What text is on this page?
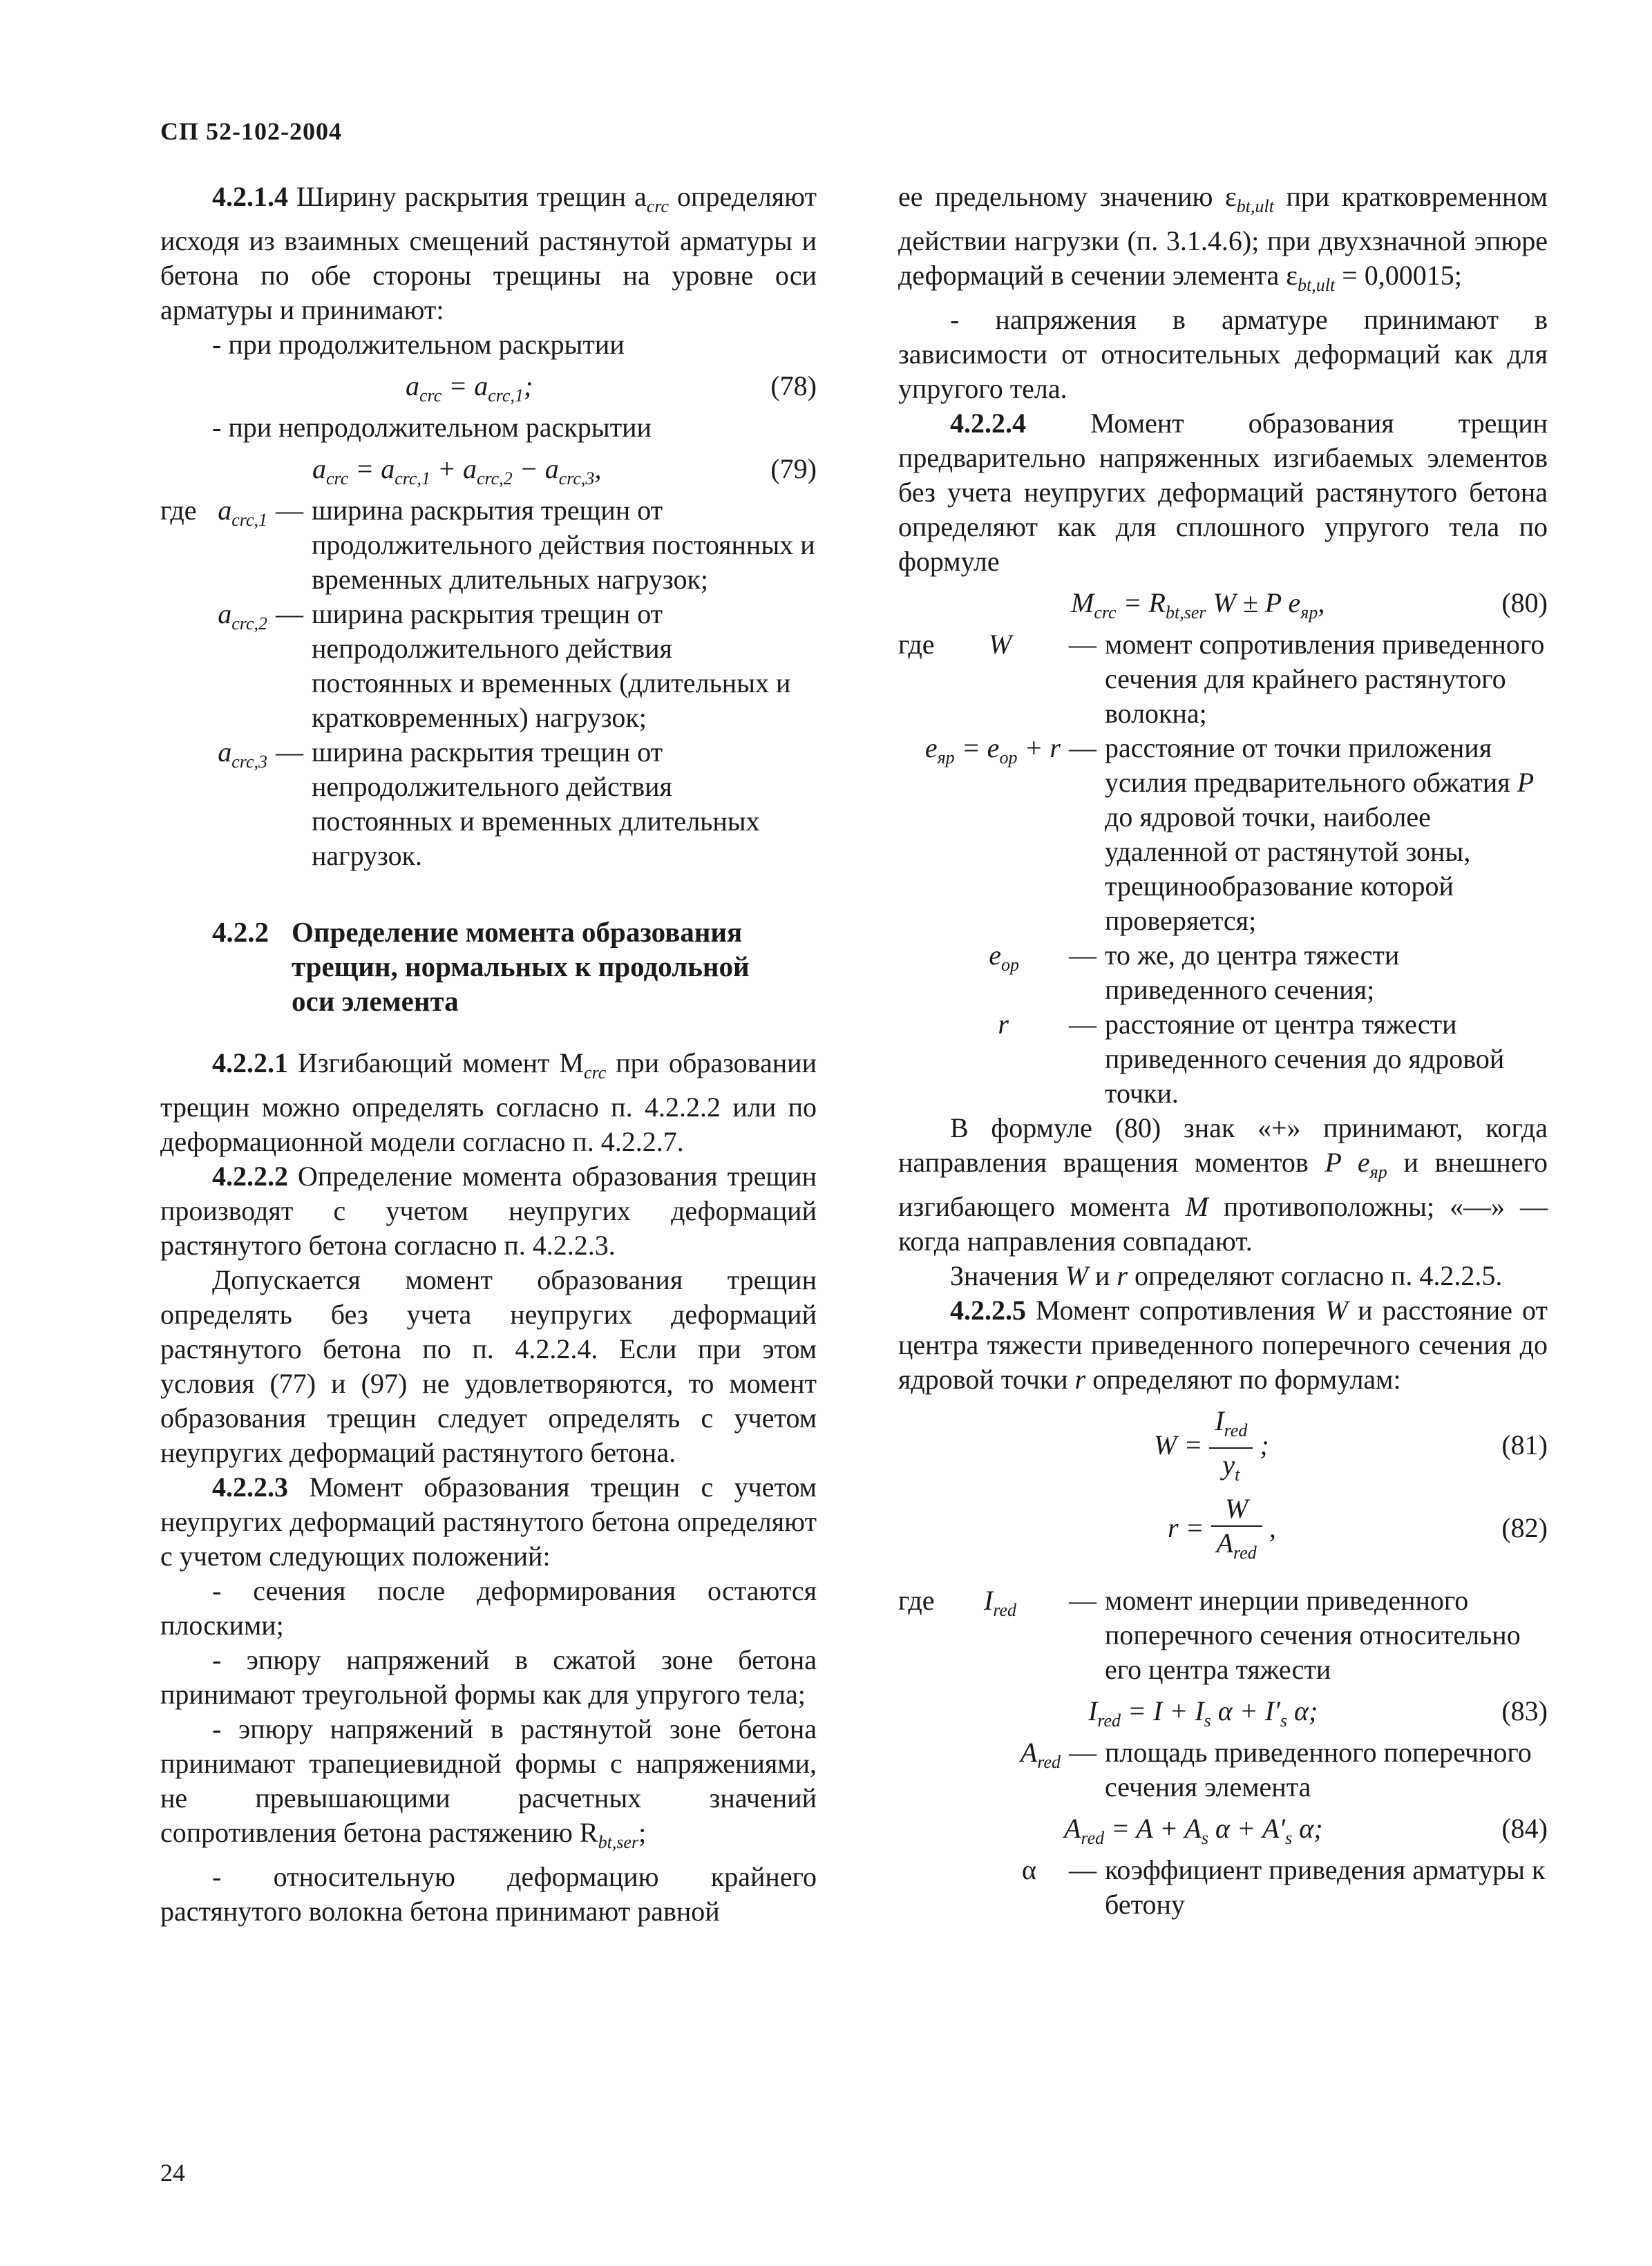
СП 52-102-2004

4.2.1.4 Ширину раскрытия трещин $a_{crc}$ определяют исходя из взаимных смещений растянутой арматуры и бетона по обе стороны трещины на уровне оси арматуры и принимают:

- при продолжительном раскрытии

$a_{crc} = a_{crc,1}$;	(78)

- при непродолжительном раскрытии

$a_{crc} = a_{crc,1} + a_{crc,2} - a_{crc,3}$,	(79)
где $a_{crc,1}$ — ширина раскрытия трещин от продолжительного действия постоянных и временных длительных нагрузок;
$a_{crc,2}$ — ширина раскрытия трещин от непродолжительного действия постоянных и временных (длительных и кратковременных) нагрузок;
$a_{crc,3}$ — ширина раскрытия трещин от непродолжительного действия постоянных и временных длительных нагрузок.
4.2.2 Определение момента образования трещин, нормальных к продольной оси элемента

4.2.2.1 Изгибающий момент $M_{crc}$ при образовании трещин можно определять согласно п. 4.2.2.2 или по деформационной модели согласно п. 4.2.2.7.

4.2.2.2 Определение момента образования трещин производят с учетом неупругих деформаций растянутого бетона согласно п. 4.2.2.3.

Допускается момент образования трещин определять без учета неупругих деформаций растянутого бетона по п. 4.2.2.4. Если при этом условия (77) и (97) не удовлетворяются, то момент образования трещин следует определять с учетом неупругих деформаций растянутого бетона.

4.2.2.3 Момент образования трещин с учетом неупругих деформаций растянутого бетона определяют с учетом следующих положений:

- сечения после деформирования остаются плоскими;

- эпюру напряжений в сжатой зоне бетона принимают треугольной формы как для упругого тела;

- эпюру напряжений в растянутой зоне бетона принимают трапециевидной формы с напряжениями, не превышающими расчетных значений сопротивления бетона растяжению $R_{bt,ser}$;

- относительную деформацию крайнего растянутого волокна бетона принимают равной

ее предельному значению $\varepsilon_{bt,ult}$ при кратковременном действии нагрузки (п. 3.1.4.6); при двухзначной эпюре деформаций в сечении элемента $\varepsilon_{bt,ult} = 0,00015$;

- напряжения в арматуре принимают в зависимости от относительных деформаций как для упругого тела.

4.2.2.4 Момент образования трещин предварительно напряженных изгибаемых элементов без учета неупругих деформаций растянутого бетона определяют как для сплошного упругого тела по формуле

$M_{crc} = R_{bt,ser}$ W ± P $e_{яр}$,	(80)
где	W	— момент сопротивления приведенного сечения для крайнего растянутого волокна;
$e_{яр} = e_{op} + r$ — расстояние от точки приложения усилия предварительного обжатия P до ядровой точки, наиболее удаленной от растянутой зоны, трещинообразование которой проверяется;
$e_{op}$	— то же, до центра тяжести приведенного сечения;
r	— расстояние от центра тяжести приведенного сечения до ядровой точки.

В формуле (80) знак «+» принимают, когда направления вращения моментов P $e_{яр}$ и внешнего изгибающего момента M противоположны; «—» — когда направления совпадают.

Значения W и r определяют согласно п. 4.2.2.5.

4.2.2.5 Момент сопротивления W и расстояние от центра тяжести приведенного поперечного сечения до ядровой точки r определяют по формулам:

$W = \frac{I_{red}}{y_t}$ ;	(81)
$r = \frac{W}{A_{red}}$ ,	(82)
где	$I_{red}$	— момент инерции приведенного поперечного сечения относительно его центра тяжести
$I_{red} = I + I_s$ $\alpha + I'_s$ α;	(83)
$A_{red}$ — площадь приведенного поперечного сечения элемента
$A_{red} = A + A_s$ $\alpha + A'_s$ α;	(84)
α	— коэффициент приведения арматуры к бетону
24
